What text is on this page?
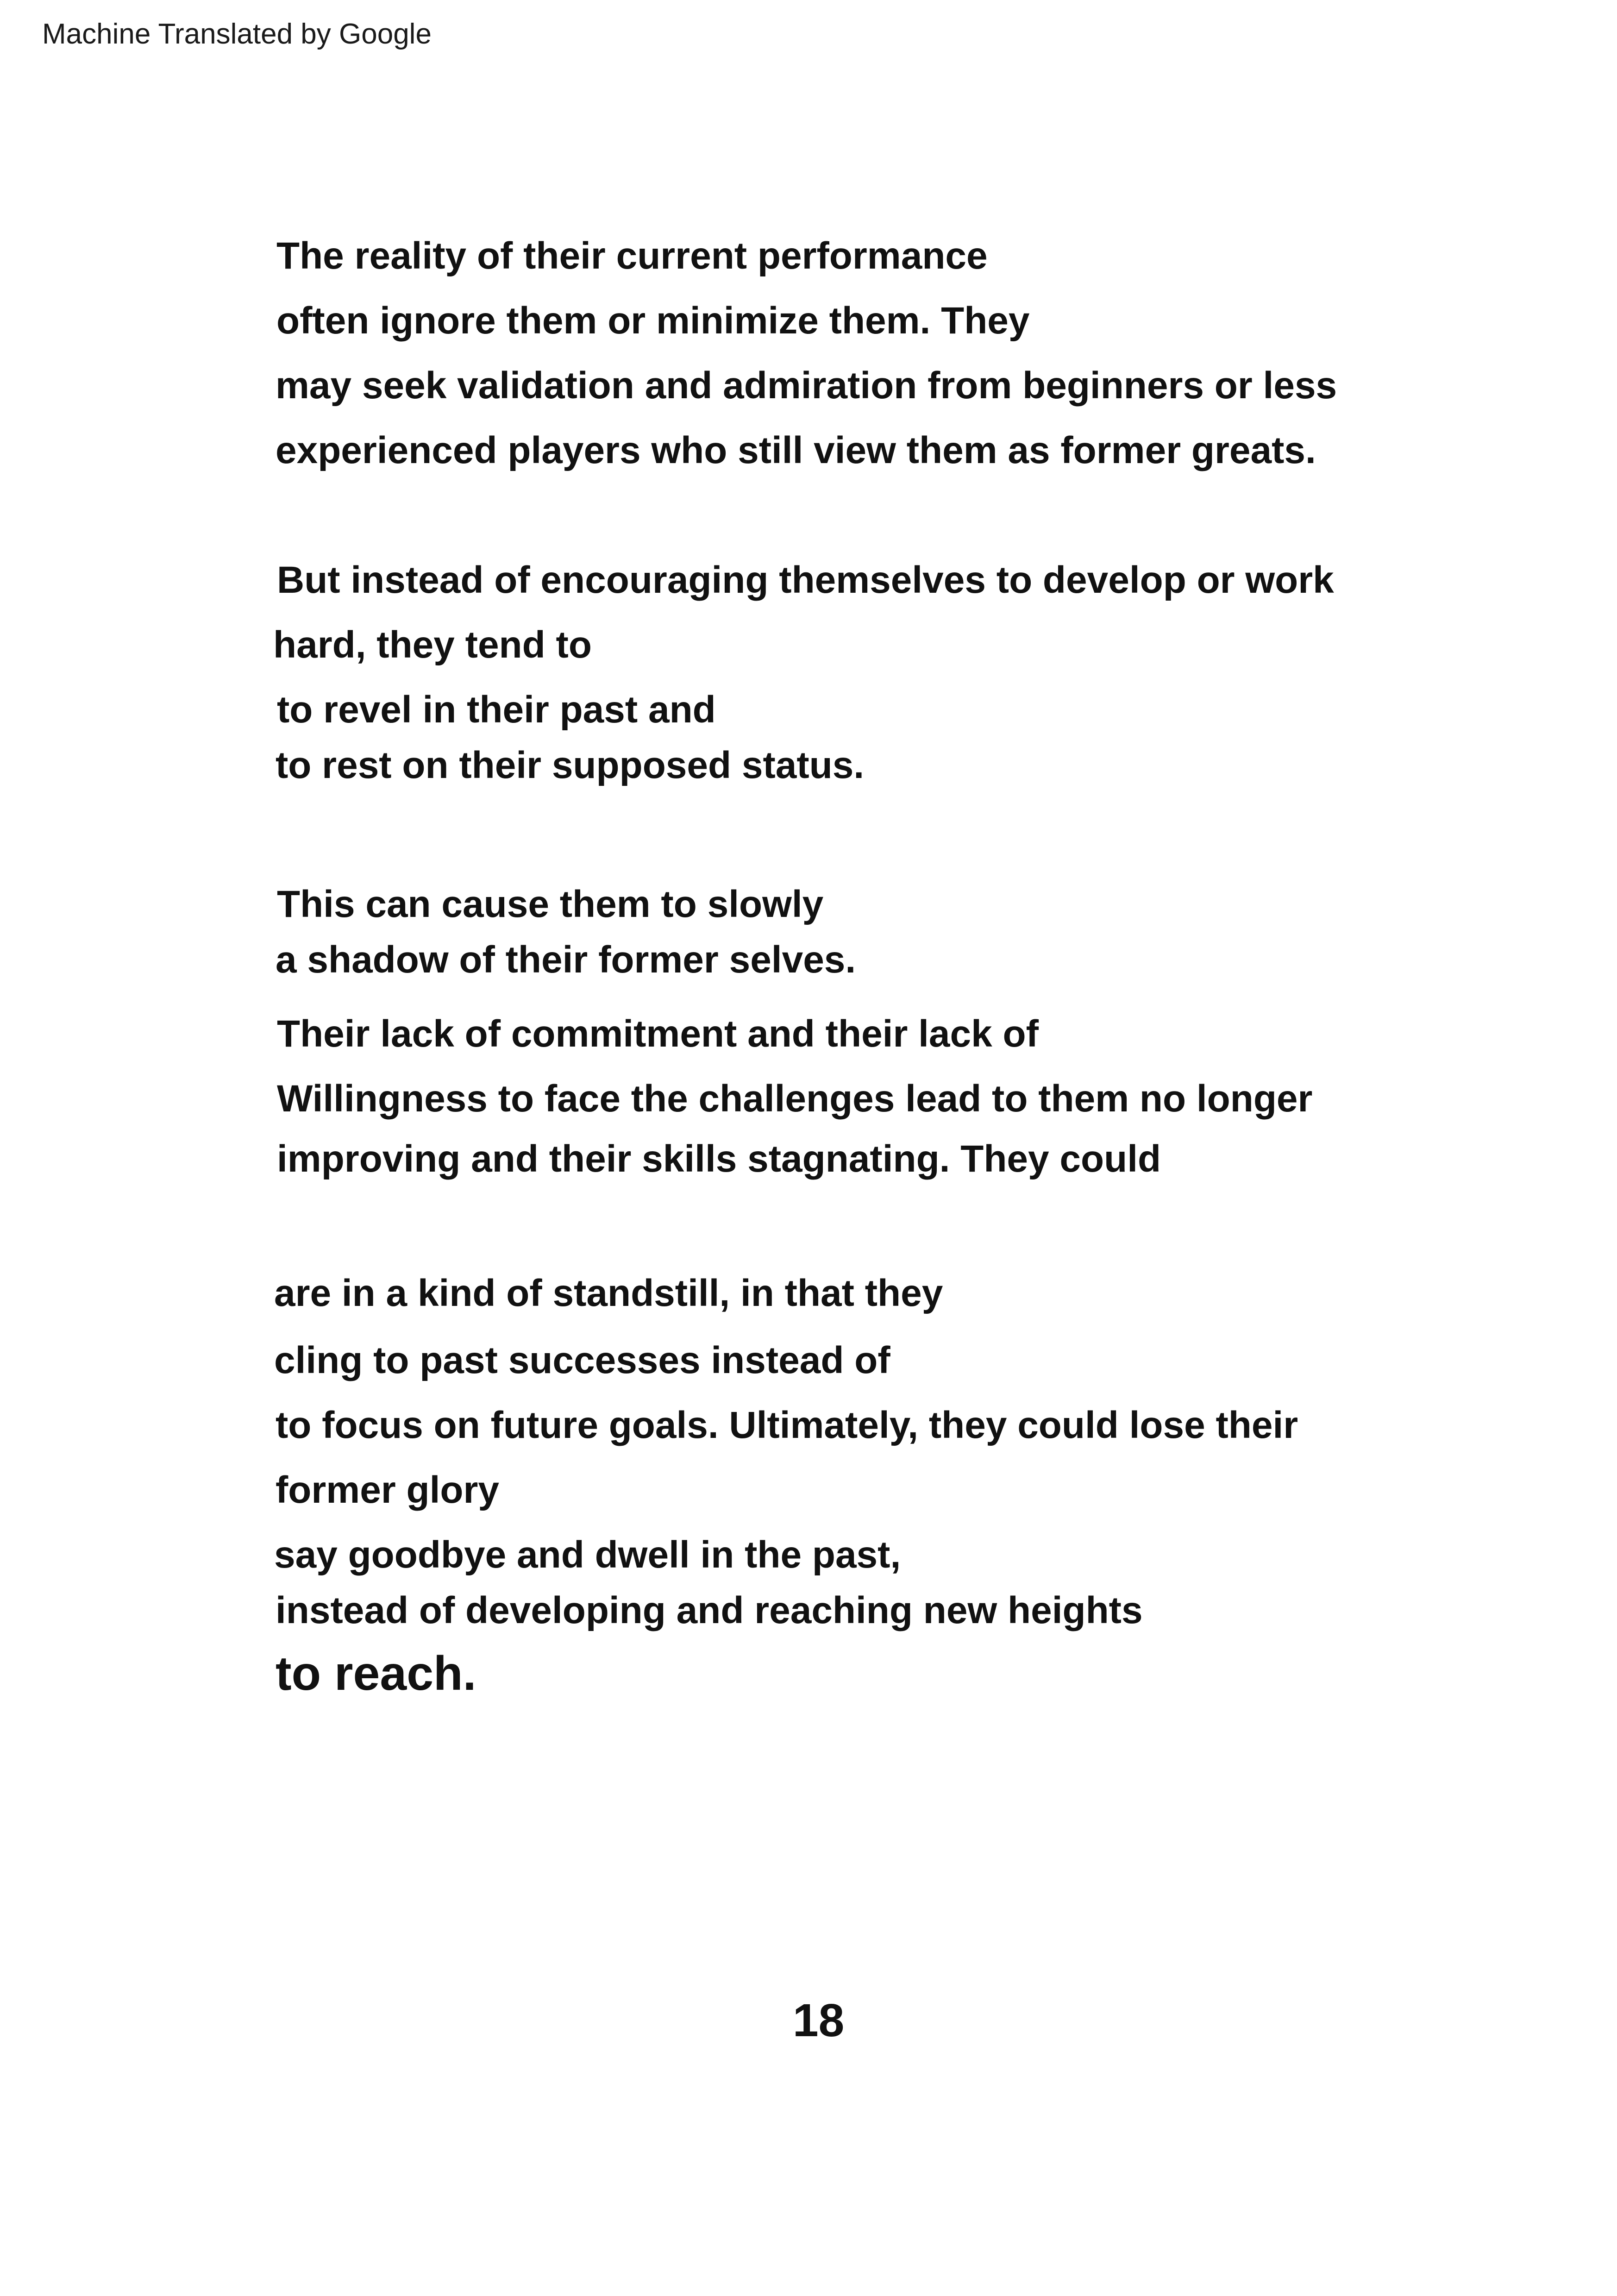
Machine Translated by Google
The reality of their current performance
often ignore them or minimize them. They
may seek validation and admiration from beginners or less
experienced players who still view them as former greats.
But instead of encouraging themselves to develop or work
hard, they tend to
to revel in their past and
to rest on their supposed status.
This can cause them to slowly
a shadow of their former selves.
Their lack of commitment and their lack of
Willingness to face the challenges lead to them no longer
improving and their skills stagnating. They could
are in a kind of standstill, in that they
cling to past successes instead of
to focus on future goals. Ultimately, they could lose their
former glory
say goodbye and dwell in the past,
instead of developing and reaching new heights
to reach.
18
